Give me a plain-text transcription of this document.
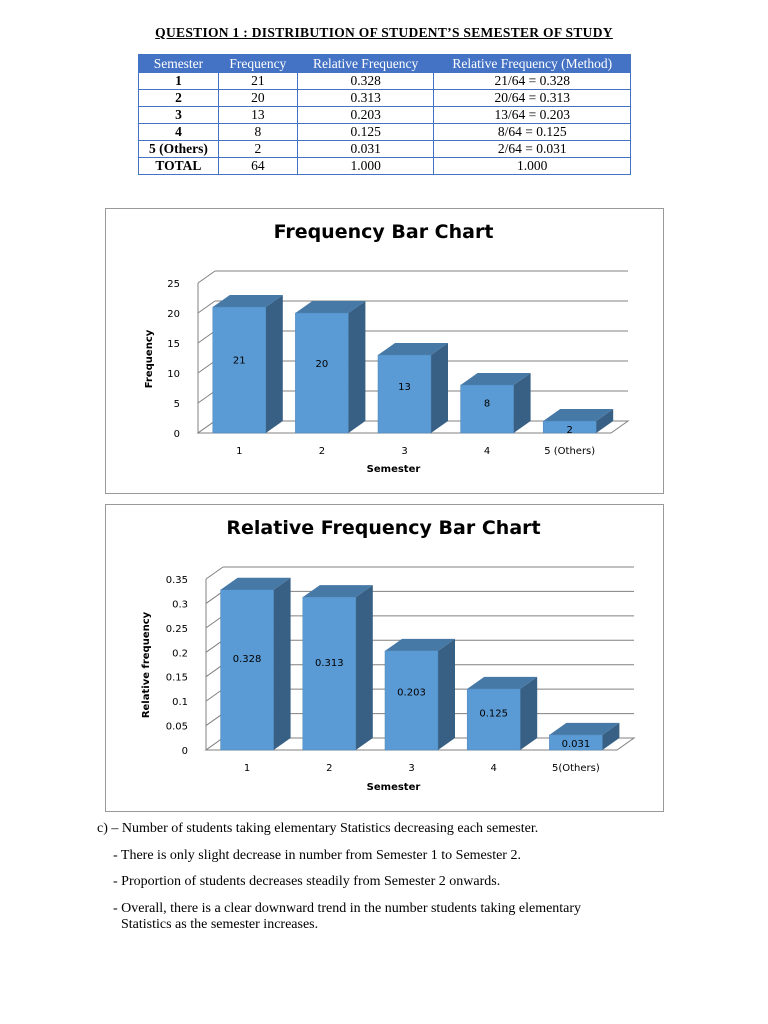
QUESTION 1 : DISTRIBUTION OF STUDENT’S SEMESTER OF STUDY
Semester	Frequency	Relative Frequency	Relative Frequency (Method)
1	21	0.328	21/64 = 0.328
2	20	0.313	20/64 = 0.313
3	13	0.203	13/64 = 0.203
4	8	0.125	8/64 = 0.125
5 (Others)	2	0.031	2/64 = 0.031
TOTAL	64	1.000	1.000
Frequency Bar Chart
0
5
10
15
20
25
21
1
20
2
13
3
8
4
2
5 (Others)
Semester
Frequency
Relative Frequency Bar Chart
0
0.05
0.1
0.15
0.2
0.25
0.3
0.35
0.328
1
0.313
2
0.203
3
0.125
4
0.031
5(Others)
Semester
Relative frequency

c) – Number of students taking elementary Statistics decreasing each semester.

- There is only slight decrease in number from Semester 1 to Semester 2.

- Proportion of students decreases steadily from Semester 2 onwards.

- Overall, there is a clear downward trend in the number students taking elementary
Statistics as the semester increases.
